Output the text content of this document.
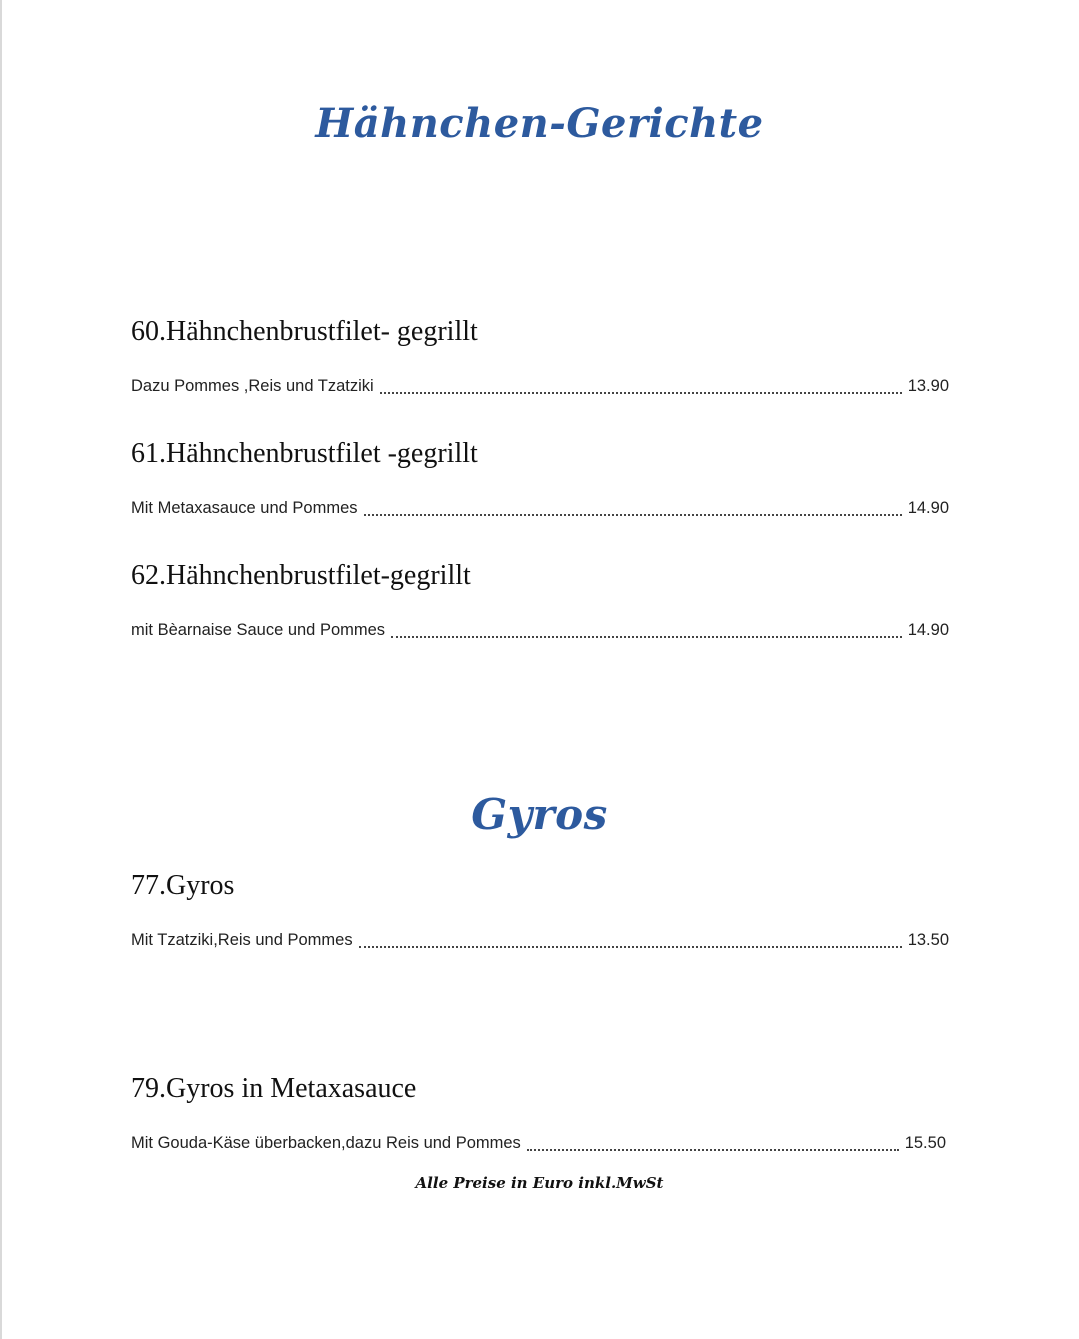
Hähnchen-Gerichte
60.Hähnchenbrustfilet- gegrillt
Dazu Pommes ,Reis und Tzatziki	13.90
61.Hähnchenbrustfilet -gegrillt
Mit Metaxasauce und Pommes	14.90
62.Hähnchenbrustfilet-gegrillt
mit Bèarnaise Sauce und Pommes	14.90
Gyros
77.Gyros
Mit Tzatziki,Reis und Pommes	13.50
79.Gyros in Metaxasauce
Mit Gouda-Käse überbacken,dazu Reis und Pommes	15.50
Alle Preise in Euro inkl.MwSt
